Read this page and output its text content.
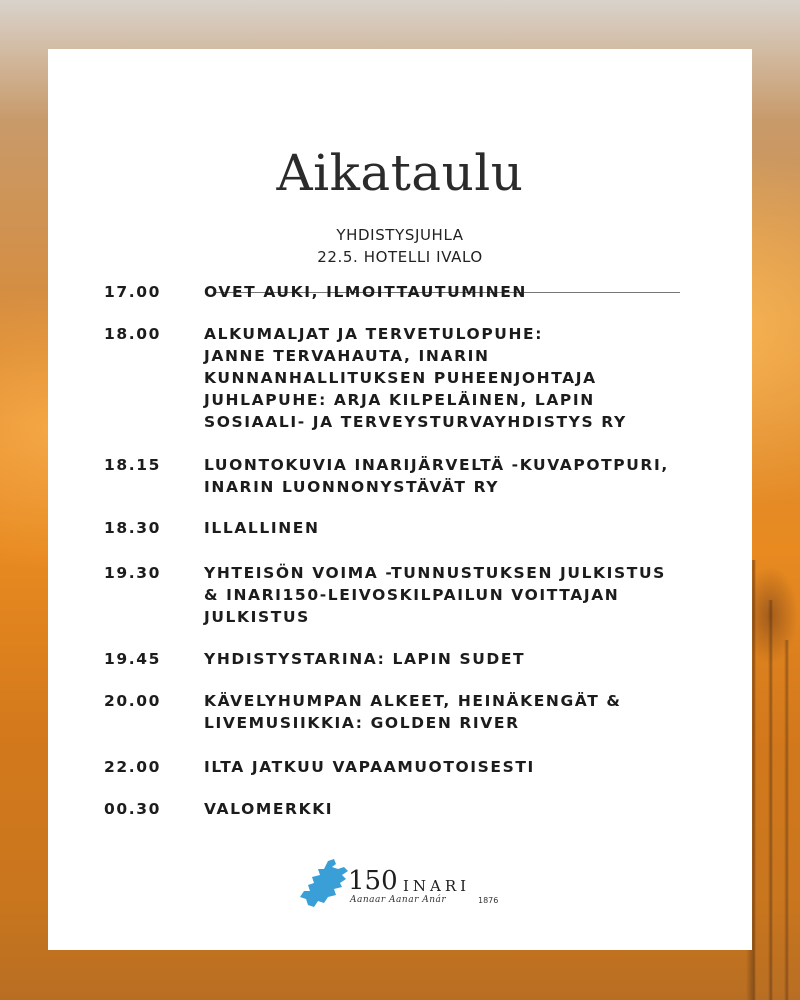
Aikataulu
YHDISTYSJUHLA
22.5. HOTELLI IVALO
17.00	OVET AUKI, ILMOITTAUTUMINEN
18.00	ALKUMALJAT JA TERVETULOPUHE:
JANNE TERVAHAUTA, INARIN
KUNNANHALLITUKSEN PUHEENJOHTAJA
JUHLAPUHE: ARJA KILPELÄINEN, LAPIN
SOSIAALI- JA TERVEYSTURVAYHDISTYS RY
18.15	LUONTOKUVIA INARIJÄRVELTÄ -KUVAPOTPURI,
INARIN LUONNONYSTÄVÄT RY
18.30	ILLALLINEN
19.30	YHTEISÖN VOIMA -TUNNUSTUKSEN JULKISTUS
& INARI150-LEIVOSKILPAILUN VOITTAJAN
JULKISTUS
19.45	YHDISTYSTARINA: LAPIN SUDET
20.00	KÄVELYHUMPAN ALKEET, HEINÄKENGÄT &
LIVEMUSIIKKIA: GOLDEN RIVER
22.00	ILTA JATKUU VAPAAMUOTOISESTI
00.30	VALOMERKKI
150 INARI
Aanaar Aanar Anár	1876
